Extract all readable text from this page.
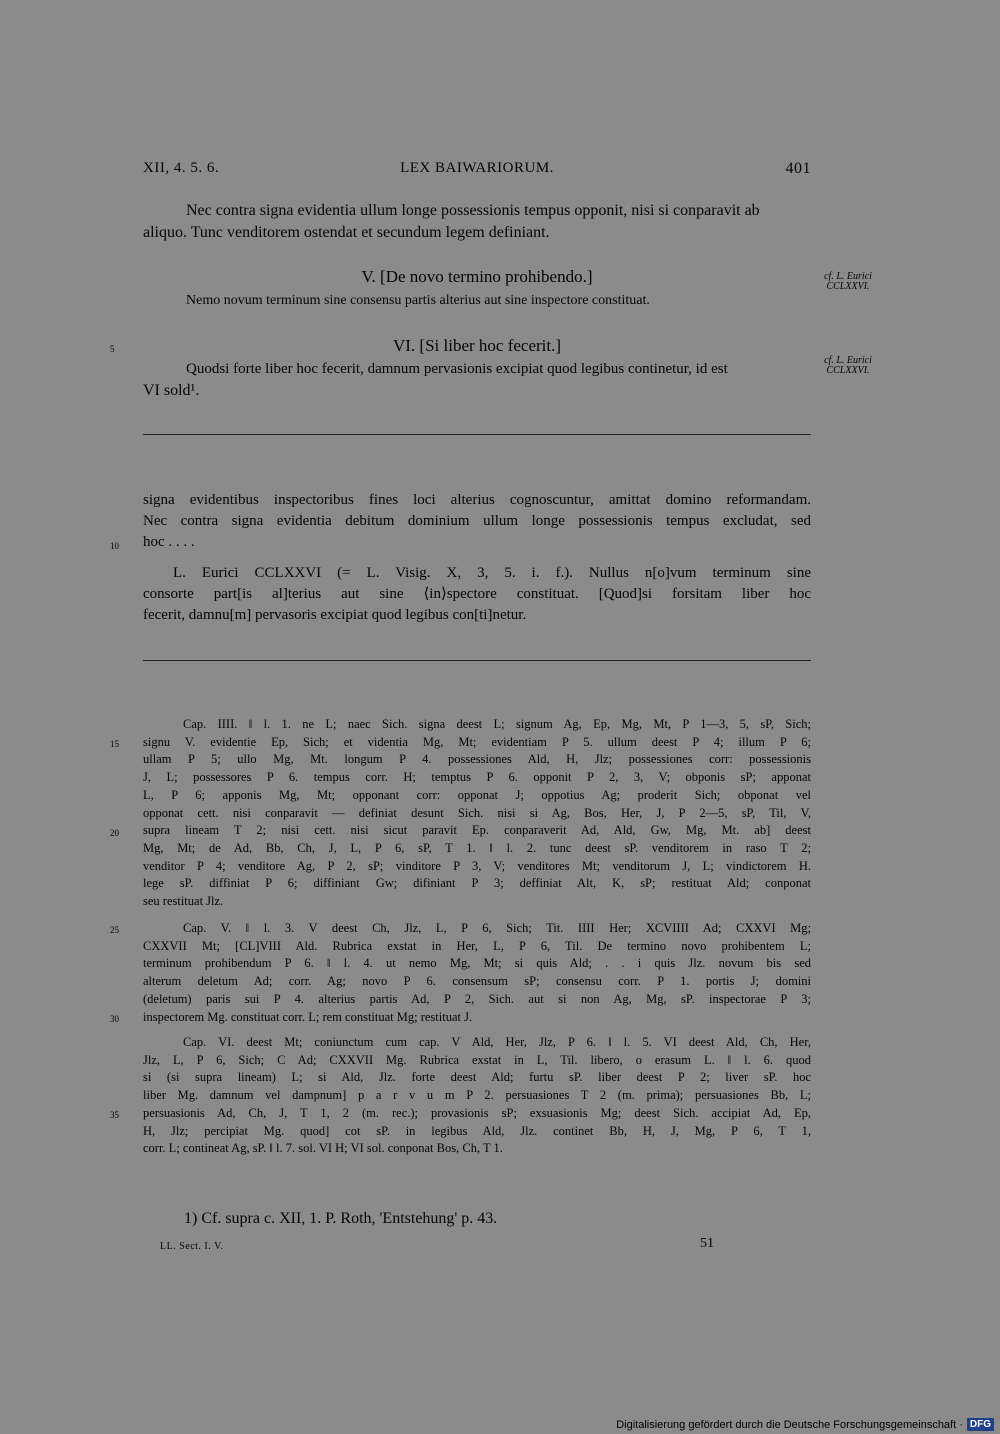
XII, 4. 5. 6.	LEX BAIWARIORUM.	401
Nec contra signa evidentia ullum longe possessionis tempus opponit, nisi si conparavit ab
aliquo. Tunc venditorem ostendat et secundum legem definiant.
V. [De novo termino prohibendo.]	cf. L. Eurici
CCLXXVI.
Nemo novum terminum sine consensu partis alterius aut sine inspectore constituat.
5	VI. [Si liber hoc fecerit.]
cf. L. Eurici
CCLXXVI.
Quodsi forte liber hoc fecerit, damnum pervasionis excipiat quod legibus continetur, id est
VI sold¹.
signa evidentibus inspectoribus fines loci alterius cognoscuntur, amittat domino reformandam.
Nec contra signa evidentia debitum dominium ullum longe possessionis tempus excludat, sed
hoc . . . .
10
L. Eurici CCLXXVI (= L. Visig. X, 3, 5. i. f.). Nullus n[o]vum terminum sine
consorte part[is al]terius aut sine ⟨in⟩spectore constituat. [Quod]si forsitam liber hoc
fecerit, damnu[m] pervasoris excipiat quod legibus con[ti]netur.
Cap. IIII. ‖ l. 1. ne L; naec Sich. signa deest L; signum Ag, Ep, Mg, Mt, P 1—3, 5, sP, Sich;
signu V. evidentie Ep, Sich; et videntia Mg, Mt; evidentiam P 5. ullum deest P 4; illum P 6;
ullam P 5; ullo Mg, Mt. longum P 4. possessiones Ald, H, Jlz; possessiones corr: possessionis
J, L; possessores P 6. tempus corr. H; temptus P 6. opponit P 2, 3, V; obponis sP; apponat
L, P 6; apponis Mg, Mt; opponant corr: opponat J; oppotius Ag; proderit Sich; obponat vel
opponat cett. nisi conparavit — definiat desunt Sich. nisi si Ag, Bos, Her, J, P 2—5, sP, Til, V,
supra lineam T 2; nisi cett. nisi sicut paravit Ep. conparaverit Ad, Ald, Gw, Mg, Mt. ab] deest
Mg, Mt; de Ad, Bb, Ch, J, L, P 6, sP, T 1. ‖ l. 2. tunc deest sP. venditorem in raso T 2;
venditor P 4; venditore Ag, P 2, sP; vinditore P 3, V; venditores Mt; venditorum J, L; vindictorem H.
lege sP. diffiniat P 6; diffiniant Gw; difiniant P 3; deffiniat Alt, K, sP; restituat Ald; conponat
seu restituat Jlz.
Cap. V. ‖ l. 3. V deest Ch, Jlz, L, P 6, Sich; Tit. IIII Her; XCVIIII Ad; CXXVI Mg;
CXXVII Mt; [CL]VIII Ald. Rubrica exstat in Her, L, P 6, Til. De termino novo prohibentem L;
terminum prohibendum P 6. ‖ l. 4. ut nemo Mg, Mt; si quis Ald; . . i quis Jlz. novum bis sed
alterum deletum Ad; corr. Ag; novo P 6. consensum sP; consensu corr. P 1. portis J; domini
(deletum) paris sui P 4. alterius partis Ad, P 2, Sich. aut si non Ag, Mg, sP. inspectorae P 3;
inspectorem Mg. constituat corr. L; rem constituat Mg; restituat J.
Cap. VI. deest Mt; coniunctum cum cap. V Ald, Her, Jlz, P 6. ‖ l. 5. VI deest Ald, Ch, Her,
Jlz, L, P 6, Sich; C Ad; CXXVII Mg. Rubrica exstat in L, Til. libero, o erasum L. ‖ l. 6. quod
si (si supra lineam) L; si Ald, Jlz. forte deest Ald; furtu sP. liber deest P 2; liver sP. hoc
liber Mg. damnum vel dampnum] p a r v u m P 2. persuasiones T 2 (m. prima); persuasiones Bb, L;
persuasionis Ad, Ch, J, T 1, 2 (m. rec.); provasionis sP; exsuasionis Mg; deest Sich. accipiat Ad, Ep,
H, Jlz; percipiat Mg. quod] cot sP. in legibus Ald, Jlz. continet Bb, H, J, Mg, P 6, T 1,
corr. L; contineat Ag, sP. ‖ l. 7. sol. VI H; VI sol. conponat Bos, Ch, T 1.
15
20
25
30
35
1) Cf. supra c. XII, 1. P. Roth, 'Entstehung' p. 43.
LL. Sect. I. V.	51
Digitalisierung gefördert durch die Deutsche Forschungsgemeinschaft · DFG
